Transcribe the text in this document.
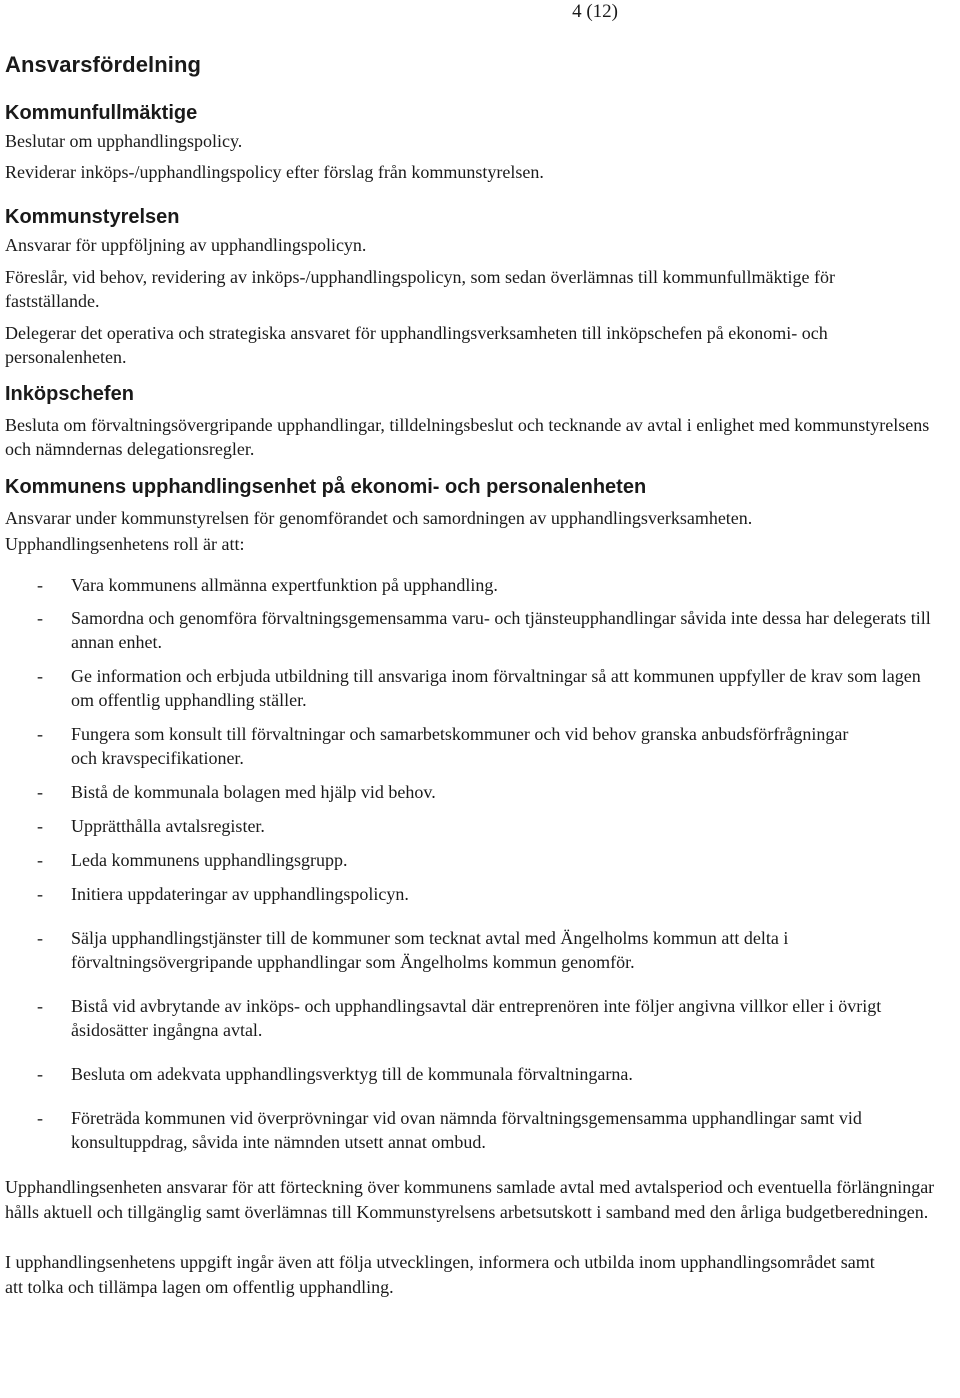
4 (12)
Ansvarsfördelning
Kommunfullmäktige

Beslutar om upphandlingspolicy.

Reviderar inköps-/upphandlingspolicy efter förslag från kommunstyrelsen.

Kommunstyrelsen

Ansvarar för uppföljning av upphandlingspolicyn.

Föreslår, vid behov, revidering av inköps-/upphandlingspolicyn, som sedan överlämnas till kommunfullmäktige för fastställande.

Delegerar det operativa och strategiska ansvaret för upphandlingsverksamheten till inköpschefen på ekonomi- och personalenheten.

Inköpschefen

Besluta om förvaltningsövergripande upphandlingar, tilldelningsbeslut och tecknande av avtal i enlighet med kommunstyrelsens och nämndernas delegationsregler.

Kommunens upphandlingsenhet på ekonomi- och personalenheten

Ansvarar under kommunstyrelsen för genomförandet och samordningen av upphandlingsverksamheten.

Upphandlingsenhetens roll är att:

- Vara kommunens allmänna expertfunktion på upphandling.
- Samordna och genomföra förvaltningsgemensamma varu- och tjänsteupphandlingar såvida inte dessa har delegerats till annan enhet.
- Ge information och erbjuda utbildning till ansvariga inom förvaltningar så att kommunen uppfyller de krav som lagen om offentlig upphandling ställer.
- Fungera som konsult till förvaltningar och samarbetskommuner och vid behov granska anbudsförfrågningar och kravspecifikationer.
- Bistå de kommunala bolagen med hjälp vid behov.
- Upprätthålla avtalsregister.
- Leda kommunens upphandlingsgrupp.
- Initiera uppdateringar av upphandlingspolicyn.
- Sälja upphandlingstjänster till de kommuner som tecknat avtal med Ängelholms kommun att delta i förvaltningsövergripande upphandlingar som Ängelholms kommun genomför.
- Bistå vid avbrytande av inköps- och upphandlingsavtal där entreprenören inte följer angivna villkor eller i övrigt åsidosätter ingångna avtal.
- Besluta om adekvata upphandlingsverktyg till de kommunala förvaltningarna.
- Företräda kommunen vid överprövningar vid ovan nämnda förvaltningsgemensamma upphandlingar samt vid konsultuppdrag, såvida inte nämnden utsett annat ombud.

Upphandlingsenheten ansvarar för att förteckning över kommunens samlade avtal med avtalsperiod och eventuella förlängningar hålls aktuell och tillgänglig samt överlämnas till Kommunstyrelsens arbetsutskott i samband med den årliga budgetberedningen.

I upphandlingsenhetens uppgift ingår även att följa utvecklingen, informera och utbilda inom upphandlingsområdet samt att tolka och tillämpa lagen om offentlig upphandling.
